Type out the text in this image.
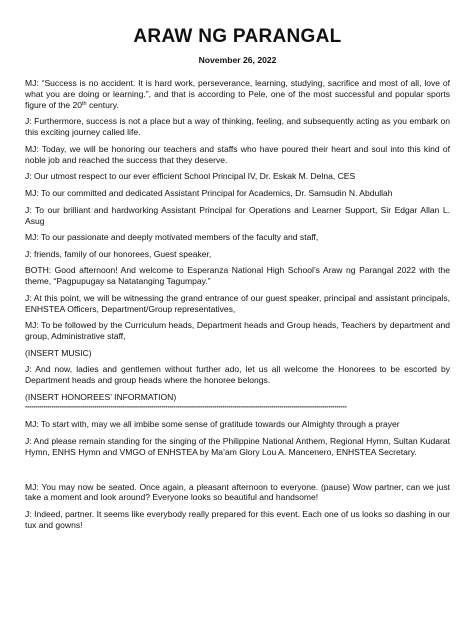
ARAW NG PARANGAL
November 26, 2022

MJ: “Success is no accident. It is hard work, perseverance, learning, studying, sacrifice and most of all, love of what you are doing or learning.”, and that is according to Pele, one of the most successful and popular sports figure of the 20th century.

J: Furthermore, success is not a place but a way of thinking, feeling, and subsequently acting as you embark on this exciting journey called life.

MJ: Today, we will be honoring our teachers and staffs who have poured their heart and soul into this kind of noble job and reached the success that they deserve.

J: Our utmost respect to our ever efficient School Principal IV, Dr. Eskak M. Delna, CES

MJ: To our committed and dedicated Assistant Principal for Academics, Dr. Samsudin N. Abdullah

J: To our brilliant and hardworking Assistant Principal for Operations and Learner Support, Sir Edgar Allan L. Asug

MJ: To our passionate and deeply motivated members of the faculty and staff,

J: friends, family of our honorees, Guest speaker,

BOTH: Good afternoon! And welcome to Esperanza National High School’s Araw ng Parangal 2022 with the theme, “Pagpupugay sa Natatanging Tagumpay.”

J: At this point, we will be witnessing the grand entrance of our guest speaker, principal and assistant principals, ENHSTEA Officers, Department/Group representatives,

MJ: To be followed by the Curriculum heads, Department heads and Group heads, Teachers by department and group, Administrative staff,

(INSERT MUSIC)

J: And now, ladies and gentlemen without further ado, let us all welcome the Honorees to be escorted by Department heads and group heads where the honoree belongs.

(INSERT HONOREES’ INFORMATION)

**************************************************************************************************************************************************************

MJ: To start with, may we all imbibe some sense of gratitude towards our Almighty through a prayer

J: And please remain standing for the singing of the Philippine National Anthem, Regional Hymn, Sultan Kudarat Hymn, ENHS Hymn and VMGO of ENHSTEA by Ma’am Glory Lou A. Mancenero, ENHSTEA Secretary.

MJ: You may now be seated. Once again, a pleasant afternoon to everyone. (pause) Wow partner, can we just take a moment and look around? Everyone looks so beautiful and handsome!

J: Indeed, partner. It seems like everybody really prepared for this event. Each one of us looks so dashing in our tux and gowns!
